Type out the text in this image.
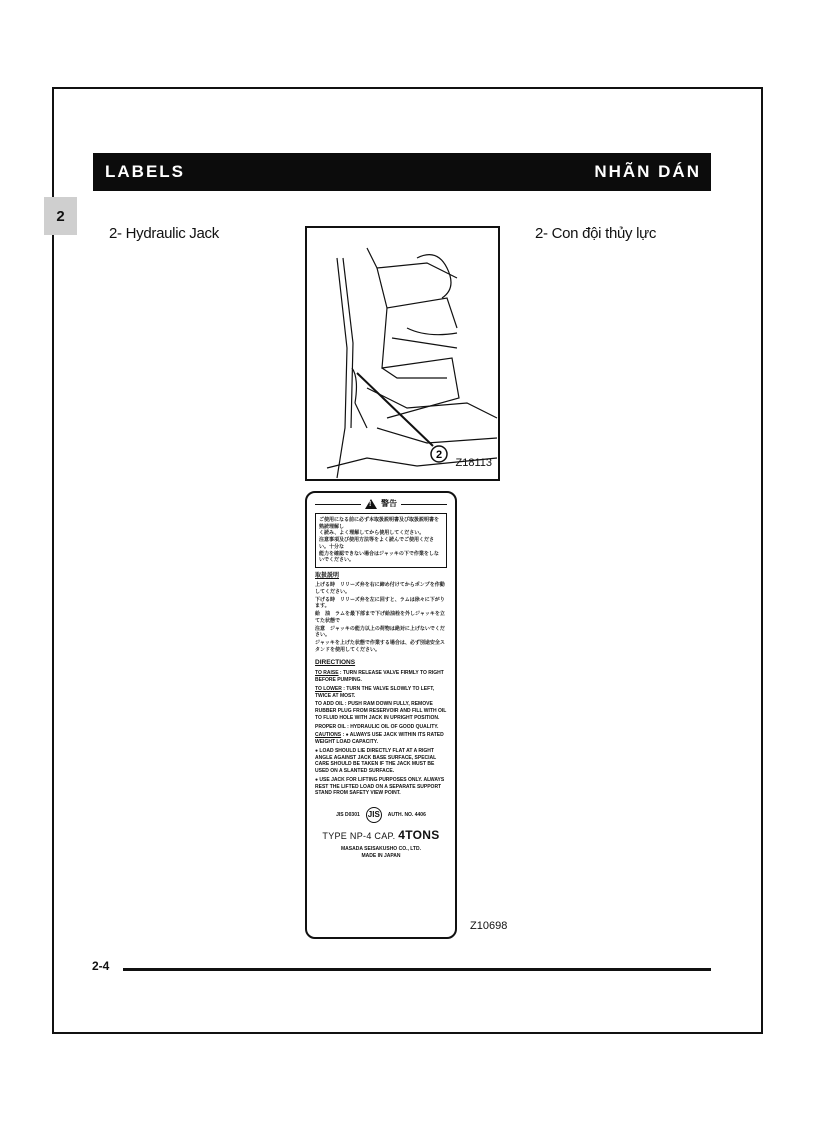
2
LABELS	NHÃN DÁN
2- Hydraulic Jack	2- Con đội thủy lực
2
Z18113
!
警告
ご使用になる前に必ず本取扱説明書及び取扱説明書を熟読理解し
く読み、よく理解してから使用してください。
注意事項及び使用方法等をよく読んでご使用ください。十分な
能力を確認できない場合はジャッキの下で作業をしないでください。
取扱説明
上げる時　リリーズ弁を右に締め付けてからポンプを作動してください。
下げる時　リリーズ弁を左に回すと、ラムは徐々に下がります。
給　油　ラムを最下部まで下げ給油栓を外しジャッキを立てた状態で
注意　ジャッキの能力以上の荷物は絶対に上げないでください。
ジャッキを上げた状態で作業する場合は、必ず別途安全スタンドを使用してください。
DIRECTIONS
TO RAISE : TURN RELEASE VALVE FIRMLY TO RIGHT BEFORE PUMPING.
TO LOWER : TURN THE VALVE SLOWLY TO LEFT, TWICE AT MOST.
TO ADD OIL : PUSH RAM DOWN FULLY, REMOVE RUBBER PLUG FROM RESERVOIR AND FILL WITH OIL TO FLUID HOLE WITH JACK IN UPRIGHT POSITION.
PROPER OIL : HYDRAULIC OIL OF GOOD QUALITY.
CAUTIONS : ● ALWAYS USE JACK WITHIN ITS RATED WEIGHT LOAD CAPACITY.
● LOAD SHOULD LIE DIRECTLY FLAT AT A RIGHT ANGLE AGAINST JACK BASE SURFACE, SPECIAL CARE SHOULD BE TAKEN IF THE JACK MUST BE USED ON A SLANTED SURFACE.
● USE JACK FOR LIFTING PURPOSES ONLY. ALWAYS REST THE LIFTED LOAD ON A SEPARATE SUPPORT STAND FROM SAFETY VIEW POINT.
JIS D0301 JIS	AUTH. NO. 4406
TYPE NP-4 CAP. 4TONS
MASADA SEISAKUSHO CO., LTD.
MADE IN JAPAN
Z10698
2-4
